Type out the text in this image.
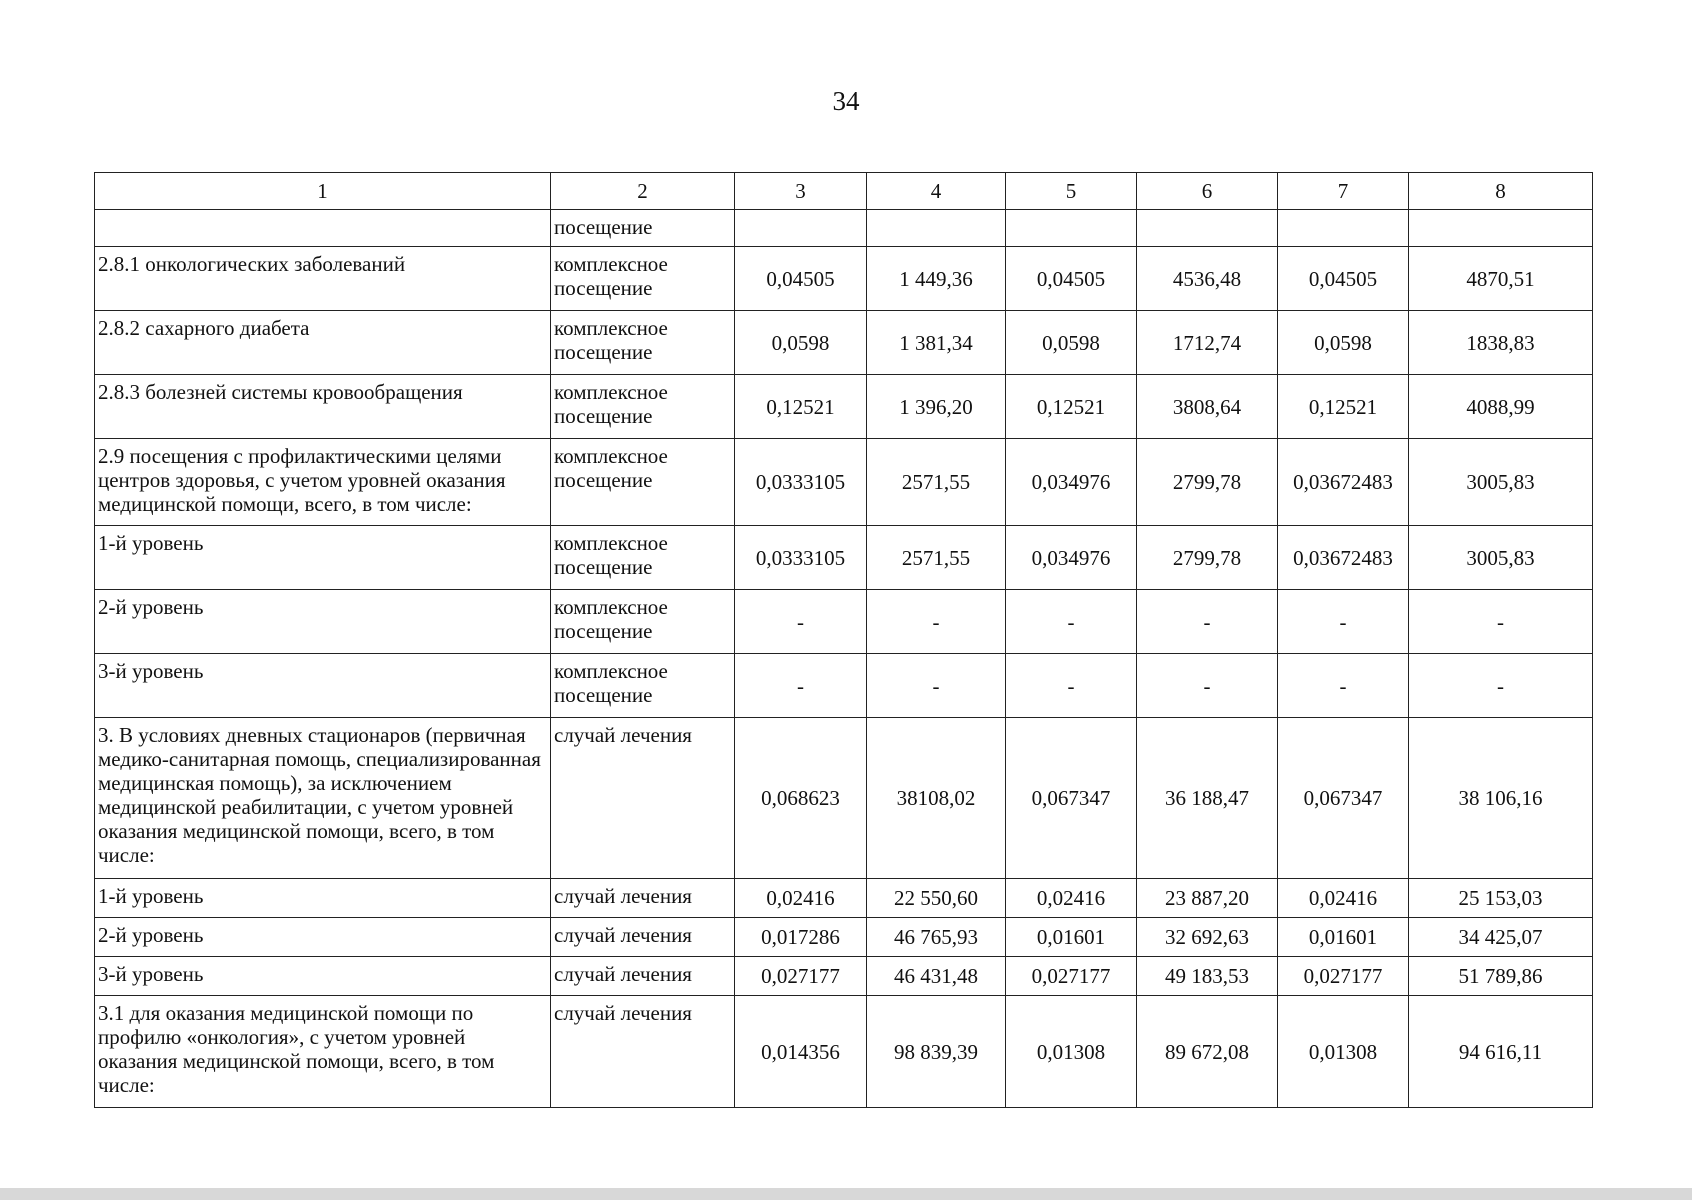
34
1	2	3	4	5	6	7	8
	посещение						
2.8.1 онкологических заболеваний	комплексное посещение	0,04505	1 449,36	0,04505	4536,48	0,04505	4870,51
2.8.2 сахарного диабета	комплексное посещение	0,0598	1 381,34	0,0598	1712,74	0,0598	1838,83
2.8.3 болезней системы кровообращения	комплексное посещение	0,12521	1 396,20	0,12521	3808,64	0,12521	4088,99
2.9 посещения с профилактическими целями центров здоровья, с учетом уровней оказания медицинской помощи, всего, в том числе:	комплексное посещение	0,0333105	2571,55	0,034976	2799,78	0,03672483	3005,83
1-й уровень	комплексное посещение	0,0333105	2571,55	0,034976	2799,78	0,03672483	3005,83
2-й уровень	комплексное посещение	-	-	-	-	-	-
3-й уровень	комплексное посещение	-	-	-	-	-	-
3. В условиях дневных стационаров (первичная медико-санитарная помощь, специализированная медицинская помощь), за исключением медицинской реабилитации, с учетом уровней оказания медицинской помощи, всего, в том числе:	случай лечения	0,068623	38108,02	0,067347	36 188,47	0,067347	38 106,16
1-й уровень	случай лечения	0,02416	22 550,60	0,02416	23 887,20	0,02416	25 153,03
2-й уровень	случай лечения	0,017286	46 765,93	0,01601	32 692,63	0,01601	34 425,07
3-й уровень	случай лечения	0,027177	46 431,48	0,027177	49 183,53	0,027177	51 789,86
3.1 для оказания медицинской помощи по профилю «онкология», с учетом уровней оказания медицинской помощи, всего, в том числе:	случай лечения	0,014356	98 839,39	0,01308	89 672,08	0,01308	94 616,11
